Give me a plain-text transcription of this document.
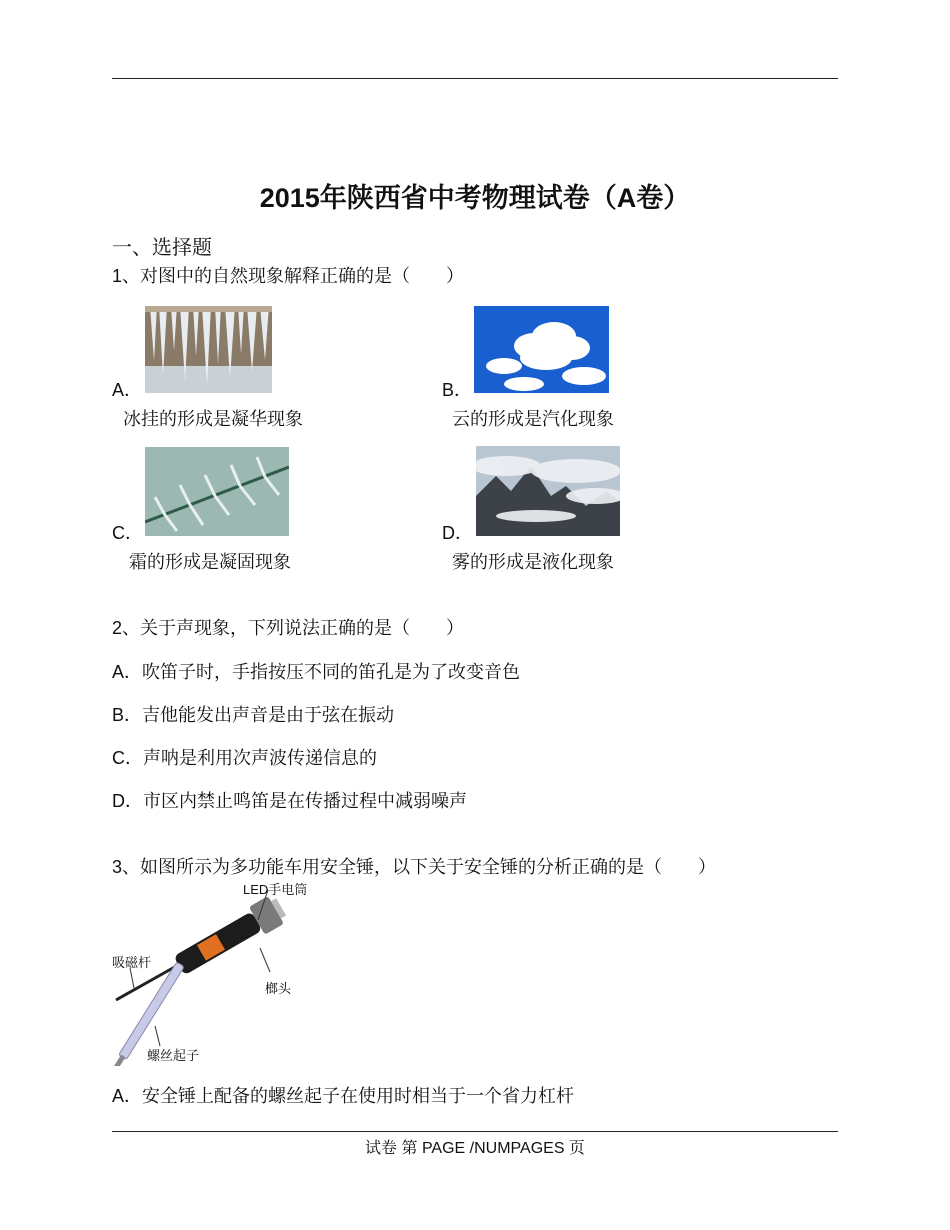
2015年陕西省中考物理试卷（A卷）
一、选择题
1、对图中的自然现象解释正确的是（　　）
A．
冰挂的形成是凝华现象
B．
云的形成是汽化现象
C．
霜的形成是凝固现象
D．
雾的形成是液化现象
2、关于声现象，下列说法正确的是（　　）
A．吹笛子时，手指按压不同的笛孔是为了改变音色
B．吉他能发出声音是由于弦在振动
C．声呐是利用次声波传递信息的
D．市区内禁止鸣笛是在传播过程中减弱噪声
3、如图所示为多功能车用安全锤，以下关于安全锤的分析正确的是（　　）
LED手电筒
吸磁杆
榔头
螺丝起子
A．安全锤上配备的螺丝起子在使用时相当于一个省力杠杆
试卷 第 PAGE /NUMPAGES 页
